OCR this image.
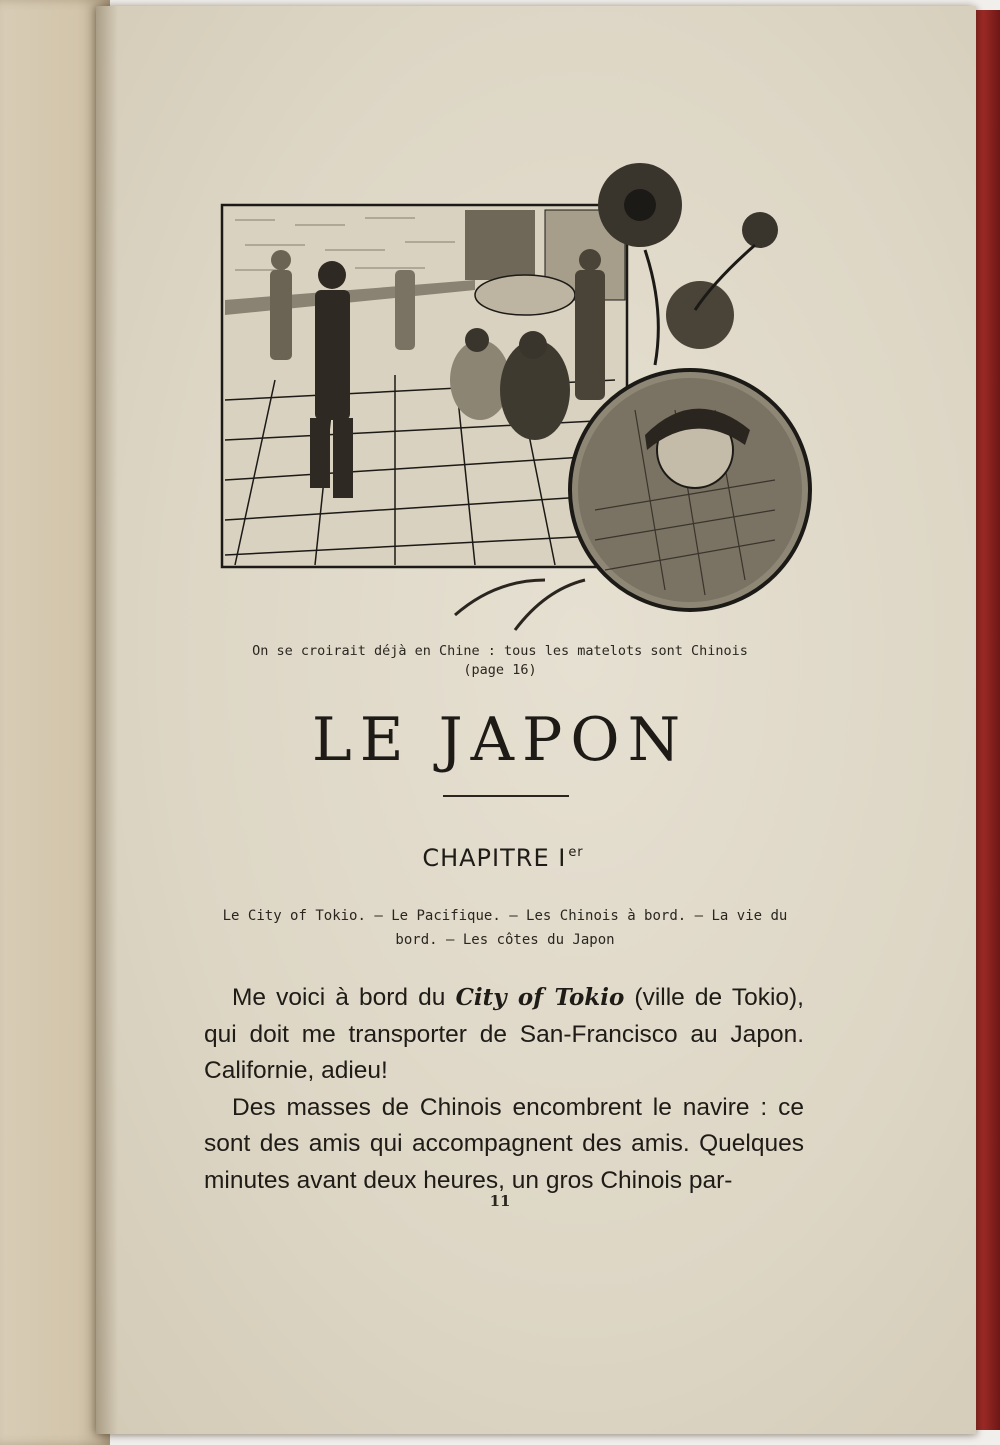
On se croirait déjà en Chine : tous les matelots sont Chinois
(page 16)
LE JAPON
CHAPITRE I $^{er}$
Le City of Tokio. — Le Pacifique. — Les Chinois à bord. — La vie du
bord. — Les côtes du Japon

Me voici à bord du City of Tokio (ville de Tokio), qui doit me transporter de San-Francisco au Japon. Californie, adieu!

Des masses de Chinois encombrent le navire : ce sont des amis qui accompagnent des amis. Quelques minutes avant deux heures, un gros Chinois par-

11
